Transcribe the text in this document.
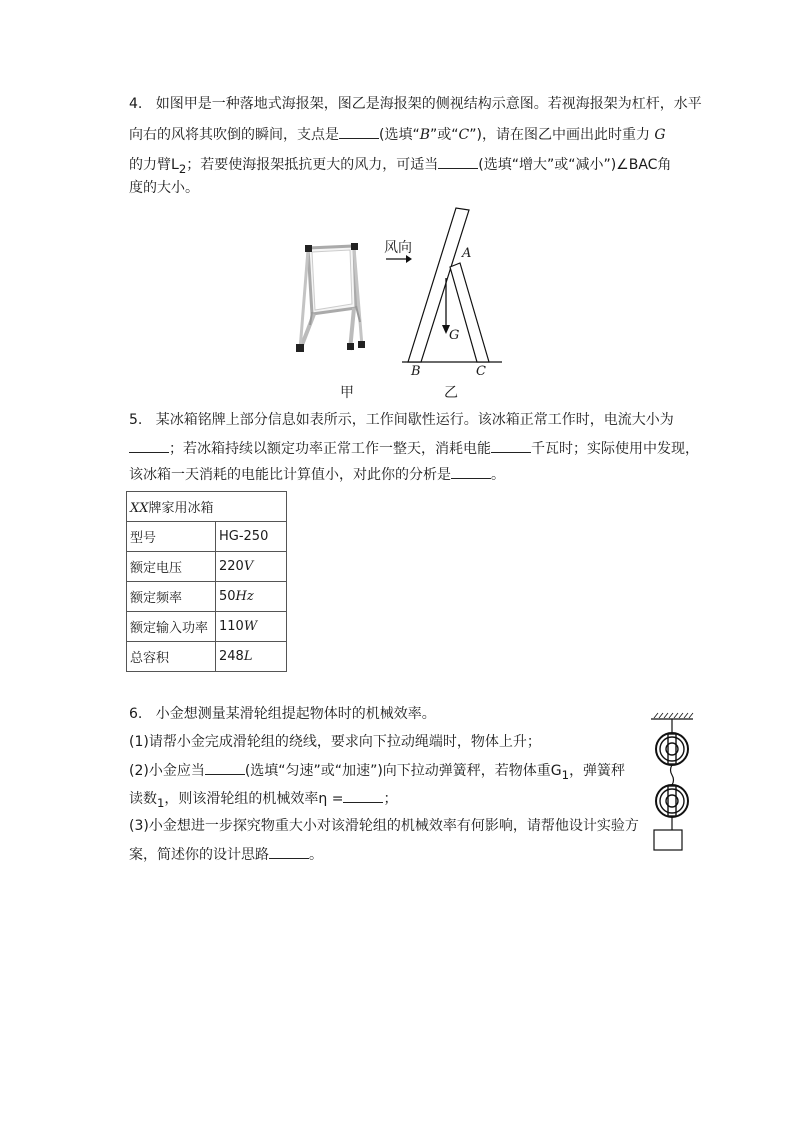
4. 如图甲是一种落地式海报架，图乙是海报架的侧视结构示意图。若视海报架为杠杆，水平
向右的风将其吹倒的瞬间，支点是	(选填“B”或“C”)，请在图乙中画出此时重力 G
的力臂$L_2$；若要使海报架抵抗更大的风力，可适当	(选填“增大”或“减小”)∠BAC角
度的大小。
甲
风向	A
G
B	C
乙
5. 某冰箱铭牌上部分信息如表所示，工作间歇性运行。该冰箱正常工作时，电流大小为
；若冰箱持续以额定功率正常工作一整天，消耗电能	千瓦时；实际使用中发现，
该冰箱一天消耗的电能比计算值小，对此你的分析是	。
XX牌家用冰箱	
型号	HG-250
额定电压	220V
额定频率	50Hz
额定输入功率	110W
总容积	248L
6. 小金想测量某滑轮组提起物体时的机械效率。
(1)请帮小金完成滑轮组的绕线，要求向下拉动绳端时，物体上升；
(2)小金应当	(选填“匀速”或“加速”)向下拉动弹簧秤，若物体重$G_1$，弹簧秤
读数$_1$，则该滑轮组的机械效率η =	；
(3)小金想进一步探究物重大小对该滑轮组的机械效率有何影响，请帮他设计实验方
案，简述你的设计思路	。
